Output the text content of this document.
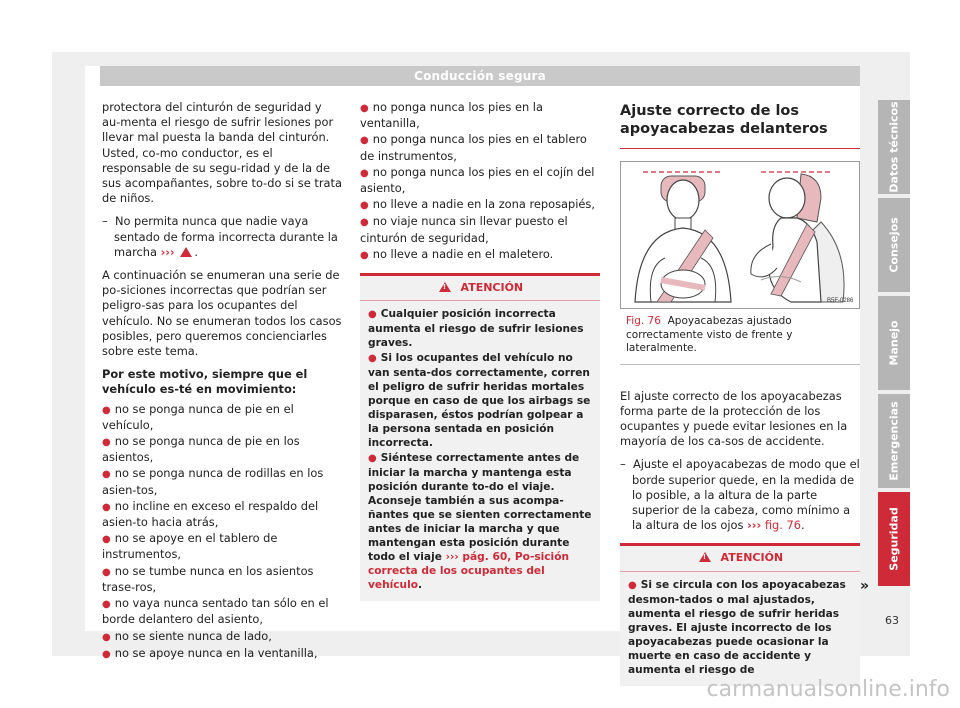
Conducción segura

protectora del cinturón de seguridad y au-menta el riesgo de sufrir lesiones por llevar mal puesta la banda del cinturón. Usted, co-mo conductor, es el responsable de su segu-ridad y de la de sus acompañantes, sobre to-do si se trata de niños.

–  No permita nunca que nadie vaya sentado de forma incorrecta durante la marcha ››› ! .

A continuación se enumeran una serie de po-siciones incorrectas que podrían ser peligro-sas para los ocupantes del vehículo. No se enumeran todos los casos posibles, pero queremos concienciarles sobre este tema.

Por este motivo, siempre que el vehículo es-té en movimiento:

● no se ponga nunca de pie en el vehículo,

● no se ponga nunca de pie en los asientos,

● no se ponga nunca de rodillas en los asien-tos,

● no incline en exceso el respaldo del asien-to hacia atrás,

● no se apoye en el tablero de instrumentos,

● no se tumbe nunca en los asientos trase-ros,

● no vaya nunca sentado tan sólo en el borde delantero del asiento,

● no se siente nunca de lado,

● no se apoye nunca en la ventanilla,

● no ponga nunca los pies en la ventanilla,

● no ponga nunca los pies en el tablero de instrumentos,

● no ponga nunca los pies en el cojín del asiento,

● no lleve a nadie en la zona reposapiés,

● no viaje nunca sin llevar puesto el cinturón de seguridad,

● no lleve a nadie en el maletero.

!  ATENCIÓN

● Cualquier posición incorrecta aumenta el riesgo de sufrir lesiones graves.

● Si los ocupantes del vehículo no van senta-dos correctamente, corren el peligro de sufrir heridas mortales porque en caso de que los airbags se disparasen, éstos podrían golpear a la persona sentada en posición incorrecta.

● Siéntese correctamente antes de iniciar la marcha y mantenga esta posición durante to-do el viaje. Aconseje también a sus acompa-ñantes que se sienten correctamente antes de iniciar la marcha y que mantengan esta posición durante todo el viaje ››› pág. 60, Po-sición correcta de los ocupantes del vehículo.

Ajuste correcto de los apoyacabezas delanteros
B5F-0286

Fig. 76 Apoyacabezas ajustado correctamente visto de frente y lateralmente.

El ajuste correcto de los apoyacabezas forma parte de la protección de los ocupantes y puede evitar lesiones en la mayoría de los ca-sos de accidente.

–  Ajuste el apoyacabezas de modo que el borde superior quede, en la medida de lo posible, a la altura de la parte superior de la cabeza, como mínimo a la altura de los ojos ››› fig. 76.

!  ATENCIÓN

● Si se circula con los apoyacabezas desmon-tados o mal ajustados, aumenta el riesgo de sufrir heridas graves. El ajuste incorrecto de los apoyacabezas puede ocasionar la muerte en caso de accidente y aumenta el riesgo de

»
Datos técnicos
Consejos
Manejo
Emergencias
Seguridad
63
carmanualsonline.info
